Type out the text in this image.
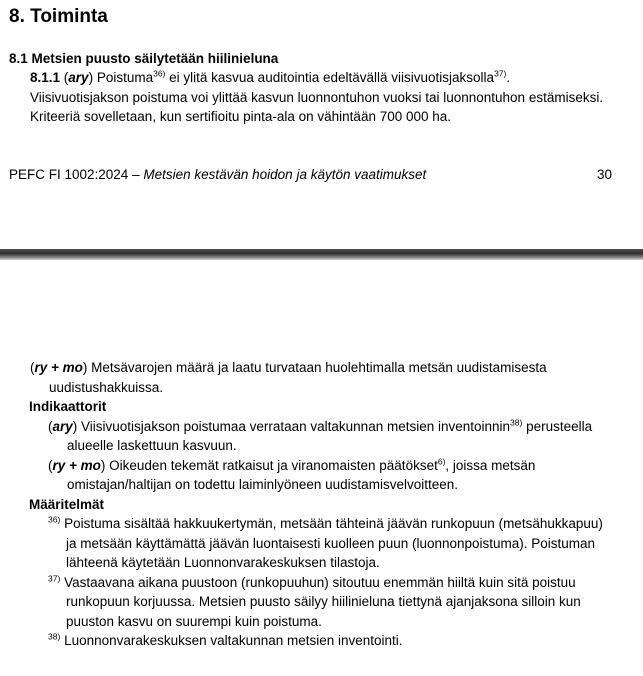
8. Toiminta
8.1 Metsien puusto säilytetään hiilinieluna
8.1.1 (ary) Poistuma$^{36)}$ ei ylitä kasvua auditointia edeltävällä viisivuotisjaksolla$^{37)}$. Viisivuotisjakson poistuma voi ylittää kasvun luonnontuhon vuoksi tai luonnontuhon estämiseksi. Kriteeriä sovelletaan, kun sertifioitu pinta-ala on vähintään 700 000 ha.
PEFC FI 1002:2024 – Metsien kestävän hoidon ja käytön vaatimukset	30
(ry + mo) Metsävarojen määrä ja laatu turvataan huolehtimalla metsän uudistamisesta uudistushakkuissa.
Indikaattorit
(ary) Viisivuotisjakson poistumaa verrataan valtakunnan metsien inventoinnin$^{38)}$ perusteella alueelle laskettuun kasvuun.
(ry + mo) Oikeuden tekemät ratkaisut ja viranomaisten päätökset$^{6)}$, joissa metsän omistajan/haltijan on todettu laiminlyöneen uudistamisvelvoitteen.
Määritelmät
$^{36)}$ Poistuma sisältää hakkuukertymän, metsään tähteinä jäävän runkopuun (metsähukkapuu) ja metsään käyttämättä jäävän luontaisesti kuolleen puun (luonnonpoistuma). Poistuman lähteenä käytetään Luonnonvarakeskuksen tilastoja.
$^{37)}$ Vastaavana aikana puustoon (runkopuuhun) sitoutuu enemmän hiiltä kuin sitä poistuu runkopuun korjuussa. Metsien puusto säilyy hiilinieluna tiettynä ajanjaksona silloin kun puuston kasvu on suurempi kuin poistuma.
$^{38)}$ Luonnonvarakeskuksen valtakunnan metsien inventointi.
